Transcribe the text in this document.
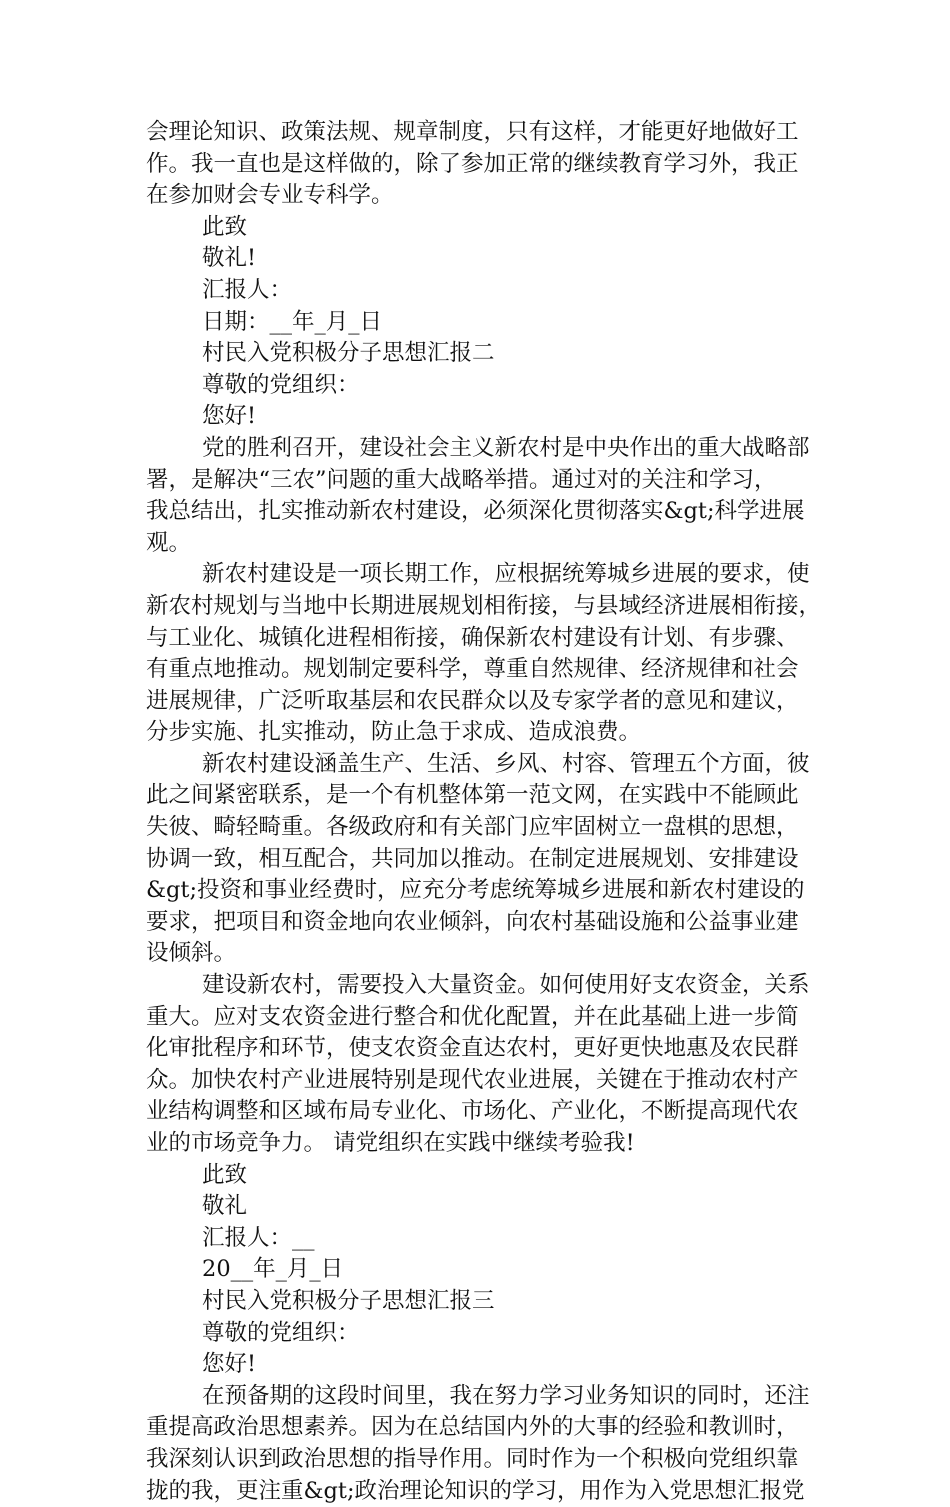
会理论知识、政策法规、规章制度，只有这样，才能更好地做好工
作。我一直也是这样做的，除了参加正常的继续教育学习外，我正
在参加财会专业专科学。
此致
敬礼!
汇报人：
日期：__年_月_日
村民入党积极分子思想汇报二
尊敬的党组织：
您好!
党的胜利召开，建设社会主义新农村是中央作出的重大战略部
署，是解决“三农”问题的重大战略举措。通过对的关注和学习，
我总结出，扎实推动新农村建设，必须深化贯彻落实&gt;科学进展
观。
新农村建设是一项长期工作，应根据统筹城乡进展的要求，使
新农村规划与当地中长期进展规划相衔接，与县域经济进展相衔接，
与工业化、城镇化进程相衔接，确保新农村建设有计划、有步骤、
有重点地推动。规划制定要科学，尊重自然规律、经济规律和社会
进展规律，广泛听取基层和农民群众以及专家学者的意见和建议，
分步实施、扎实推动，防止急于求成、造成浪费。
新农村建设涵盖生产、生活、乡风、村容、管理五个方面，彼
此之间紧密联系，是一个有机整体第一范文网，在实践中不能顾此
失彼、畸轻畸重。各级政府和有关部门应牢固树立一盘棋的思想，
协调一致，相互配合，共同加以推动。在制定进展规划、安排建设
&gt;投资和事业经费时，应充分考虑统筹城乡进展和新农村建设的
要求，把项目和资金地向农业倾斜，向农村基础设施和公益事业建
设倾斜。
建设新农村，需要投入大量资金。如何使用好支农资金，关系
重大。应对支农资金进行整合和优化配置，并在此基础上进一步简
化审批程序和环节，使支农资金直达农村，更好更快地惠及农民群
众。加快农村产业进展特别是现代农业进展，关键在于推动农村产
业结构调整和区域布局专业化、市场化、产业化，不断提高现代农
业的市场竞争力。 请党组织在实践中继续考验我!
此致
敬礼
汇报人：__
20__年_月_日
村民入党积极分子思想汇报三
尊敬的党组织：
您好!
在预备期的这段时间里，我在努力学习业务知识的同时，还注
重提高政治思想素养。因为在总结国内外的大事的经验和教训时，
我深刻认识到政治思想的指导作用。同时作为一个积极向党组织靠
拢的我，更注重&gt;政治理论知识的学习，用作为入党思想汇报党
